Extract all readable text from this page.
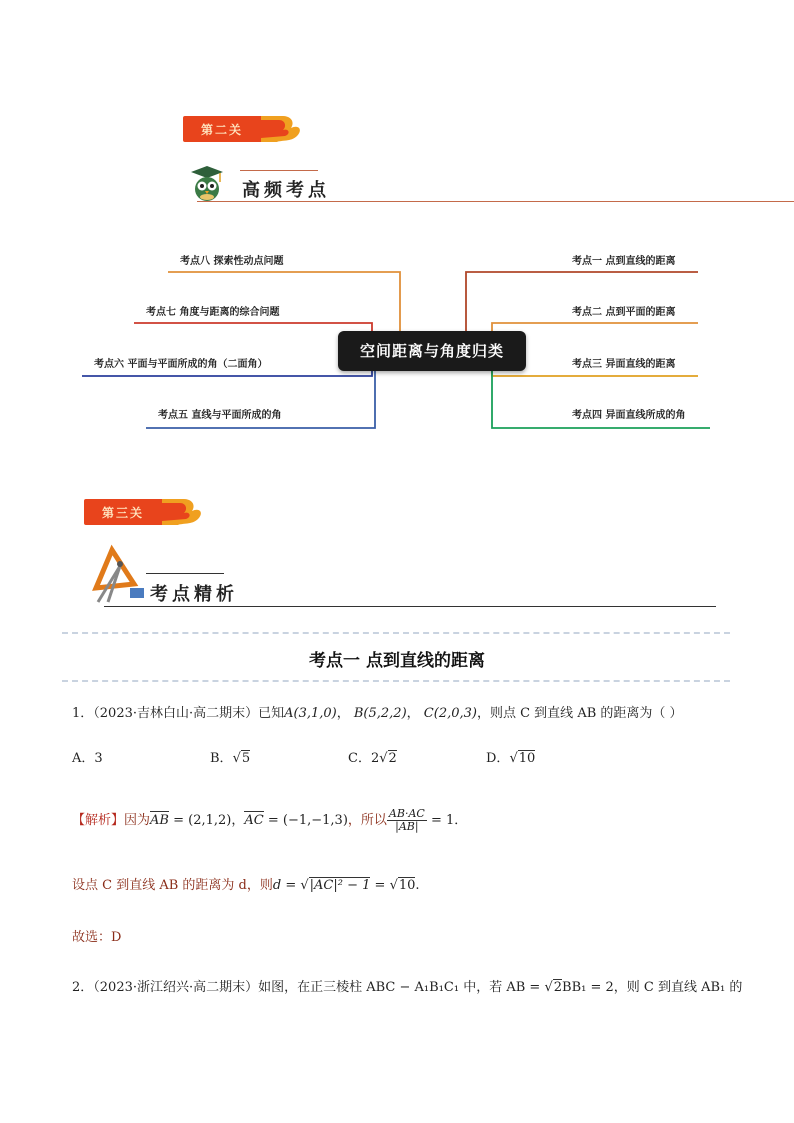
第二关
高频考点
考点八 探索性动点问题
考点七 角度与距离的综合问题
考点六 平面与平面所成的角（二面角）
考点五 直线与平面所成的角
考点一 点到直线的距离
考点二 点到平面的距离
考点三 异面直线的距离
考点四 异面直线所成的角
空间距离与角度归类
第三关
考点精析
考点一 点到直线的距离
1．（2023·吉林白山·高二期末）已知A(3,1,0)， B(5,2,2)， C(2,0,3)，则点 C 到直线 AB 的距离为（ ）
A．3	B．√5	C．2√2	D．√10
【解析】因为AB = (2,1,2)，AC = (−1,−1,3)，所以 $\frac{AB\cdot AC}{|AB|} = 1$．
设点 C 到直线 AB 的距离为 d，则d = √|AC|² − 1 = √10.
故选：D
2．（2023·浙江绍兴·高二期末）如图，在正三棱柱 ABC − A₁B₁C₁ 中，若 AB = √2BB₁ = 2，则 C 到直线 AB₁ 的
